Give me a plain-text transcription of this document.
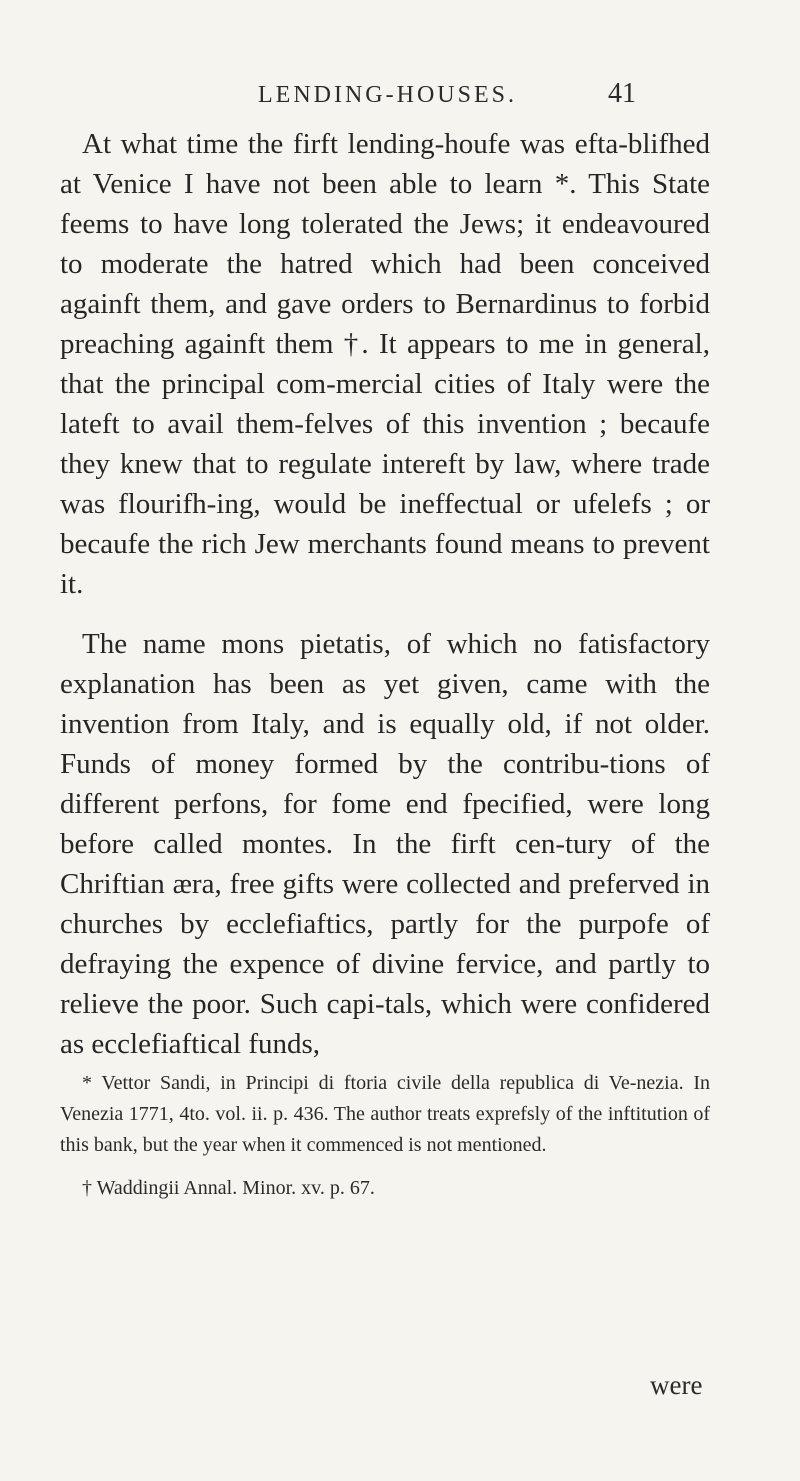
LENDING-HOUSES.	41

At what time the firft lending-houfe was efta-blifhed at Venice I have not been able to learn *. This State feems to have long tolerated the Jews; it endeavoured to moderate the hatred which had been conceived againft them, and gave orders to Bernardinus to forbid preaching againft them †. It appears to me in general, that the principal com-mercial cities of Italy were the lateft to avail them-felves of this invention ; becaufe they knew that to regulate intereft by law, where trade was flourifh-ing, would be ineffectual or ufelefs ; or becaufe the rich Jew merchants found means to prevent it.

The name mons pietatis, of which no fatisfactory explanation has been as yet given, came with the invention from Italy, and is equally old, if not older. Funds of money formed by the contribu-tions of different perfons, for fome end fpecified, were long before called montes. In the firft cen-tury of the Chriftian æra, free gifts were collected and preferved in churches by ecclefiaftics, partly for the purpofe of defraying the expence of divine fervice, and partly to relieve the poor. Such capi-tals, which were confidered as ecclefiaftical funds,

* Vettor Sandi, in Principi di ftoria civile della republica di Ve-nezia. In Venezia 1771, 4to. vol. ii. p. 436. The author treats exprefsly of the inftitution of this bank, but the year when it commenced is not mentioned.

† Waddingii Annal. Minor. xv. p. 67.

were
